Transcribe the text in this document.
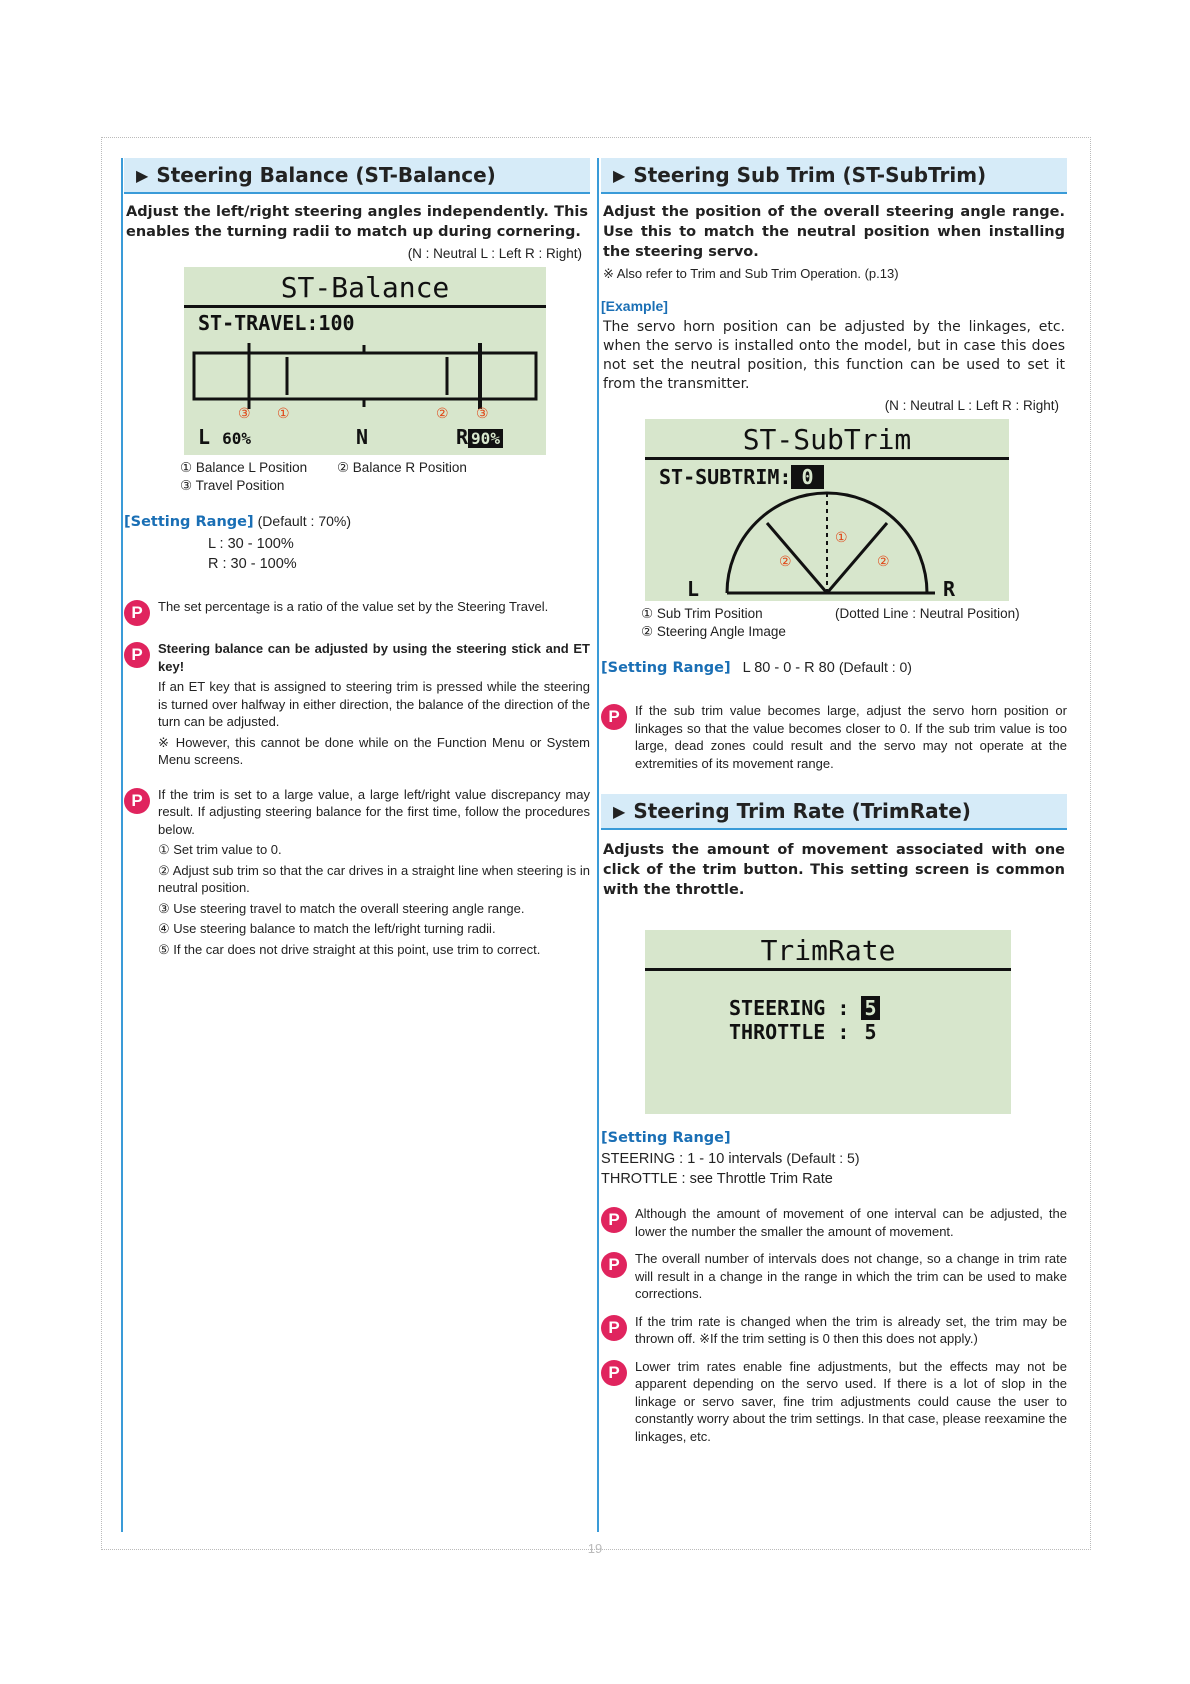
▶ Steering Balance (ST-Balance)
Adjust the left/right steering angles independently. This enables the turning radii to match up during cornering.
(N : Neutral L : Left R : Right)
ST-Balance
ST-TRAVEL:100
③ ①	② ③
L 60%	N	R 90%
① Balance L Position ② Balance R Position
③ Travel Position
[Setting Range] (Default : 70%)
L : 30 - 100%
R : 30 - 100%
P	The set percentage is a ratio of the value set by the Steering Travel.
P	Steering balance can be adjusted by using the steering stick and ET key!

If an ET key that is assigned to steering trim is pressed while the steering is turned over halfway in either direction, the balance of the direction of the turn can be adjusted.

※ However, this cannot be done while on the Function Menu or System Menu screens.

P	If the trim is set to a large value, a large left/right value discrepancy may result. If adjusting steering balance for the first time, follow the procedures below.

① Set trim value to 0.

② Adjust sub trim so that the car drives in a straight line when steering is in neutral position.

③ Use steering travel to match the overall steering angle range.

④ Use steering balance to match the left/right turning radii.

⑤ If the car does not drive straight at this point, use trim to correct.

▶ Steering Sub Trim (ST-SubTrim)
Adjust the position of the overall steering angle range. Use this to match the neutral position when installing the steering servo.
※ Also refer to Trim and Sub Trim Operation. (p.13)
[Example]
The servo horn position can be adjusted by the linkages, etc. when the servo is installed onto the model, but in case this does not set the neutral position, this function can be used to set it from the transmitter.
(N : Neutral L : Left R : Right)
ST-SubTrim
ST-SUBTRIM: 0
①
②	②
L	R
① Sub Trim Position	(Dotted Line : Neutral Position)

② Steering Angle Image
[Setting Range] L 80 - 0 - R 80 (Default : 0)
P	If the sub trim value becomes large, adjust the servo horn position or linkages so that the value becomes closer to 0. If the sub trim value is too large, dead zones could result and the servo may not operate at the extremities of its movement range.
▶ Steering Trim Rate (TrimRate)
Adjusts the amount of movement associated with one click of the trim button. This setting screen is common with the throttle.
TrimRate
STEERING : 5
THROTTLE : 5
[Setting Range]
STEERING : 1 - 10 intervals (Default : 5)
THROTTLE : see Throttle Trim Rate
P	Although the amount of movement of one interval can be adjusted, the lower the number the smaller the amount of movement.
P	The overall number of intervals does not change, so a change in trim rate will result in a change in the range in which the trim can be used to make corrections.
P	If the trim rate is changed when the trim is already set, the trim may be thrown off. ※If the trim setting is 0 then this does not apply.)
P	Lower trim rates enable fine adjustments, but the effects may not be apparent depending on the servo used. If there is a lot of slop in the linkage or servo saver, fine trim adjustments could cause the user to constantly worry about the trim settings. In that case, please reexamine the linkages, etc.
19
